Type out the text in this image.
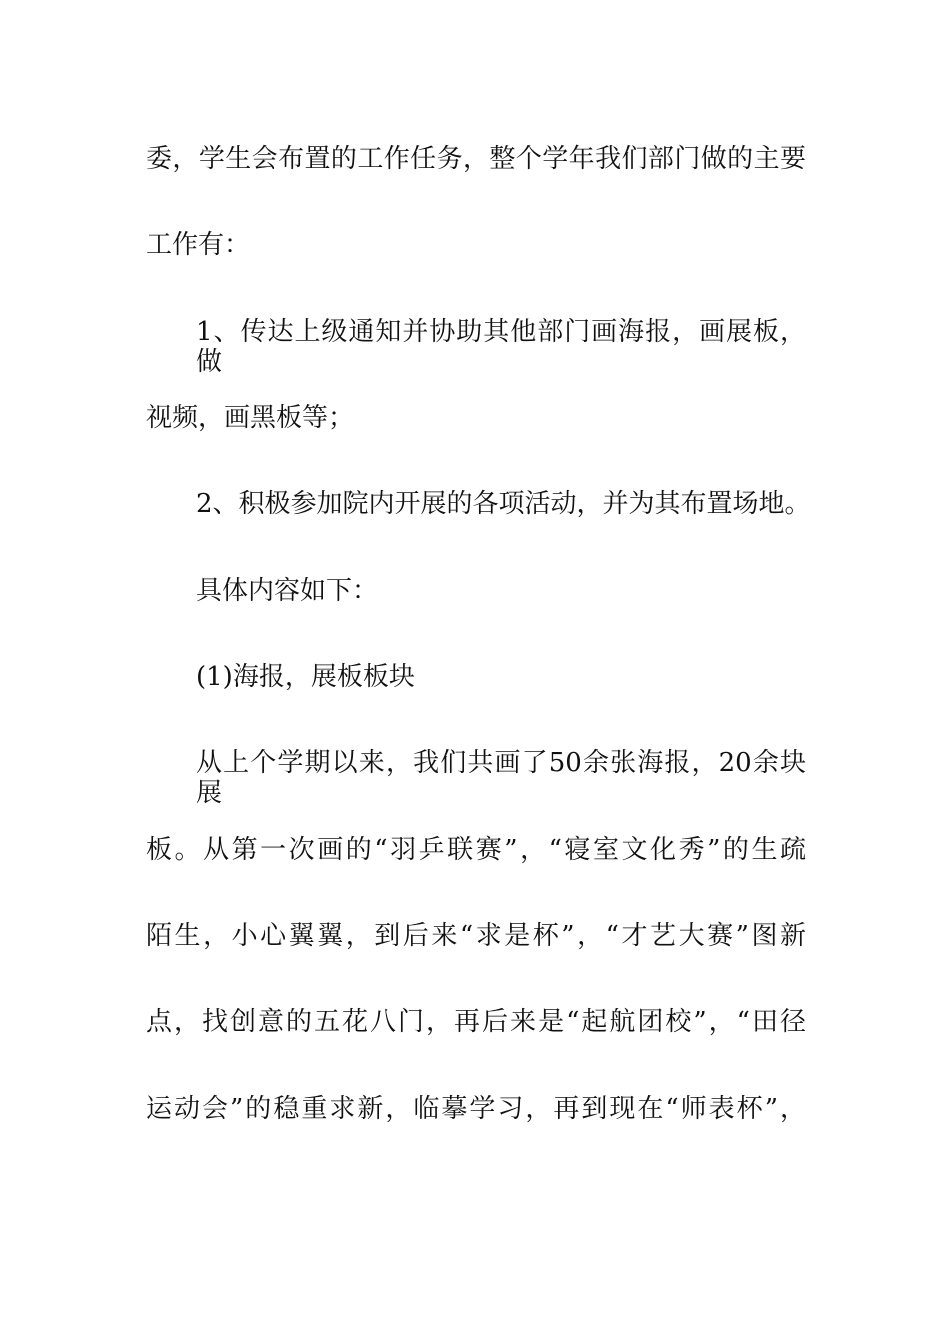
委，学生会布置的工作任务，整个学年我们部门做的主要
工作有：
1、传达上级通知并协助其他部门画海报，画展板，做
视频，画黑板等；
2、积极参加院内开展的各项活动，并为其布置场地。
具体内容如下：
(1)海报，展板板块
从上个学期以来，我们共画了50余张海报，20余块展
板。从第一次画的“羽乒联赛”，“寝室文化秀”的生疏
陌生，小心翼翼，到后来“求是杯”，“才艺大赛”图新
点，找创意的五花八门，再后来是“起航团校”，“田径
运动会”的稳重求新，临摹学习，再到现在“师表杯”，
